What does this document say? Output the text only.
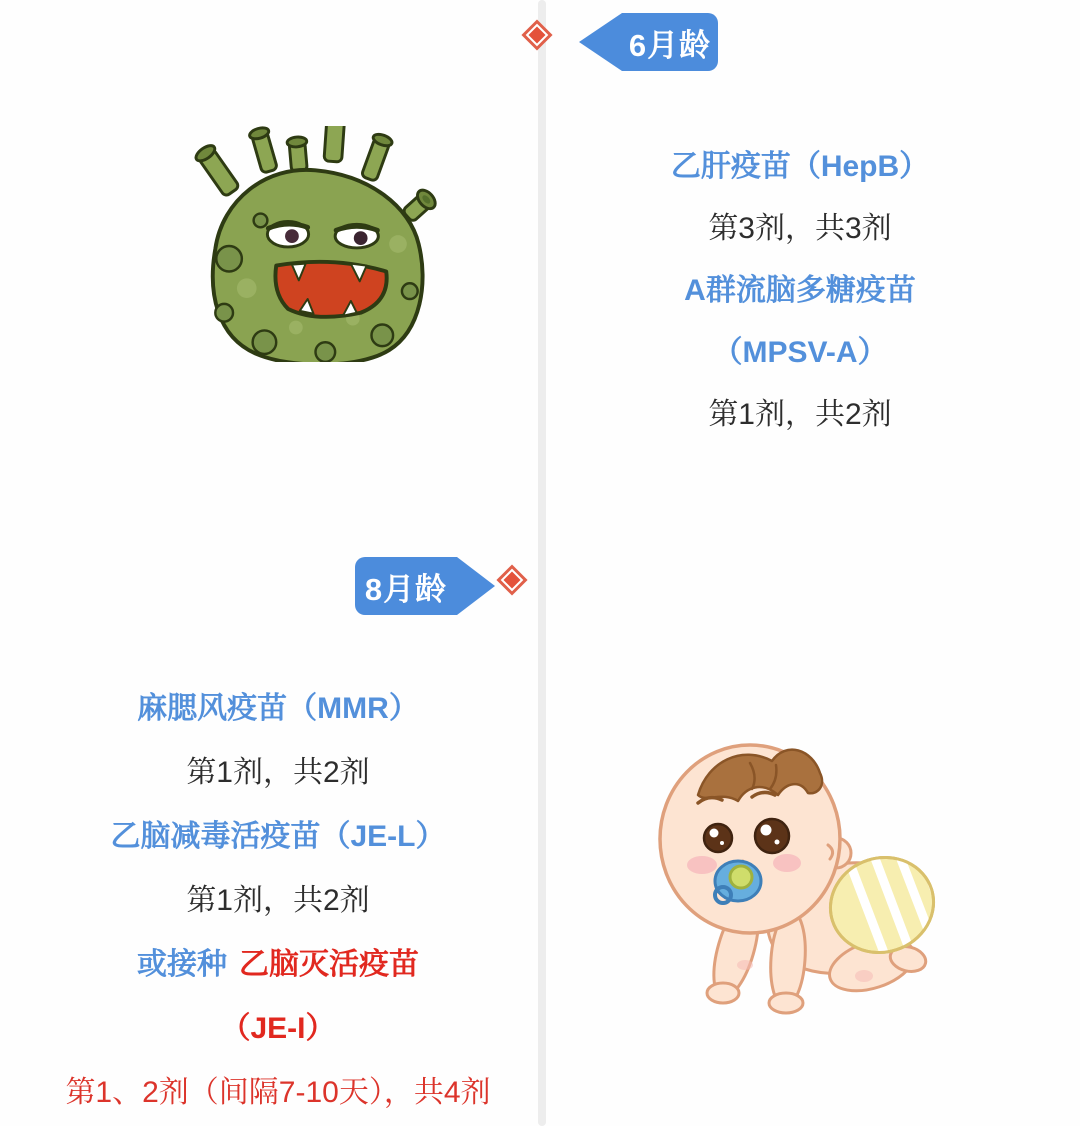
6月龄
8月龄
乙肝疫苗（HepB）
第3剂，共3剂
A群流脑多糖疫苗
（MPSV-A）
第1剂，共2剂
麻腮风疫苗（MMR）
第1剂，共2剂
乙脑减毒活疫苗（JE-L）
第1剂，共2剂
或接种 乙脑灭活疫苗
（JE-I）
第1、2剂（间隔7-10天），共4剂
